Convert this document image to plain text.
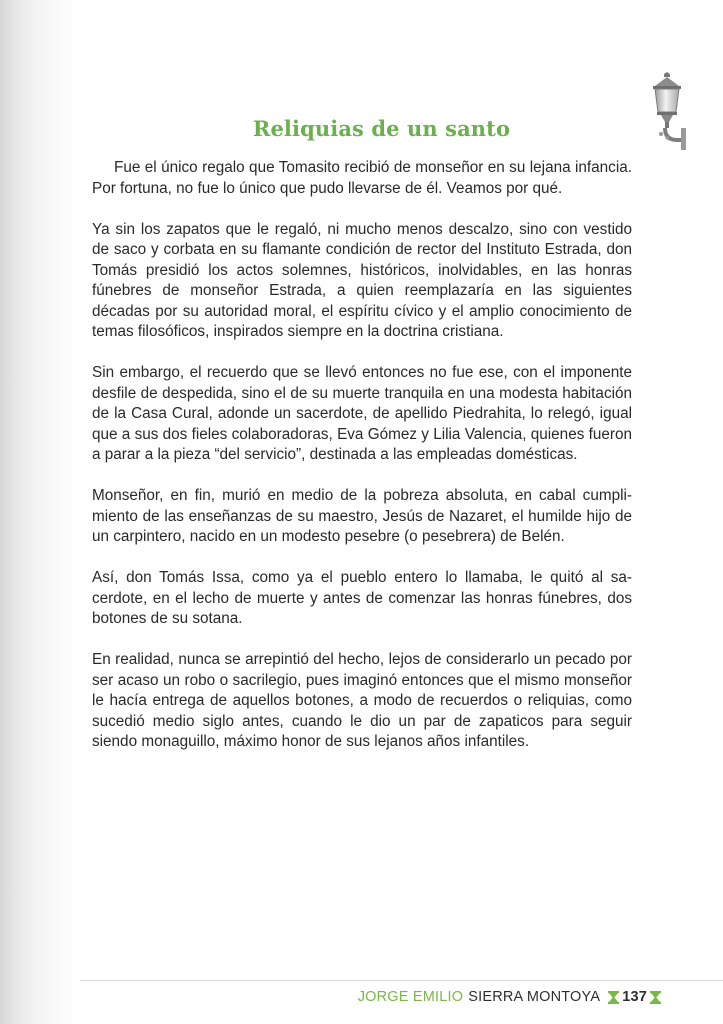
Reliquias de un santo

Fue el único regalo que Tomasito recibió de monseñor en su lejana infancia. Por fortuna, no fue lo único que pudo llevarse de él. Veamos por qué.

Ya sin los zapatos que le regaló, ni mucho menos descalzo, sino con vestido de saco y corbata en su flamante condición de rector del Instituto Estrada, don Tomás presidió los actos solemnes, históricos, inolvidables, en las honras fúnebres de monseñor Estrada, a quien reemplazaría en las siguientes décadas por su autoridad moral, el espíritu cívico y el amplio conocimiento de temas filosóficos, inspirados siempre en la doctrina cristiana.

Sin embargo, el recuerdo que se llevó entonces no fue ese, con el imponente desfile de despedida, sino el de su muerte tranquila en una modesta habitación de la Casa Cural, adonde un sacerdote, de apellido Piedrahita, lo relegó, igual que a sus dos fieles colaboradoras, Eva Gómez y Lilia Valencia, quienes fueron a parar a la pieza “del servicio”, destinada a las empleadas domésticas.

Monseñor, en fin, murió en medio de la pobreza absoluta, en cabal cumplimiento de las enseñanzas de su maestro, Jesús de Nazaret, el humilde hijo de un carpintero, nacido en un modesto pesebre (o pesebrera) de Belén.

Así, don Tomás Issa, como ya el pueblo entero lo llamaba, le quitó al sacerdote, en el lecho de muerte y antes de comenzar las honras fúnebres, dos botones de su sotana.

En realidad, nunca se arrepintió del hecho, lejos de considerarlo un pecado por ser acaso un robo o sacrilegio, pues imaginó entonces que el mismo monseñor le hacía entrega de aquellos botones, a modo de recuerdos o reliquias, como sucedió medio siglo antes, cuando le dio un par de zapaticos para seguir siendo monaguillo, máximo honor de sus lejanos años infantiles.

JORGE EMILIO SIERRA MONTOYA 137
